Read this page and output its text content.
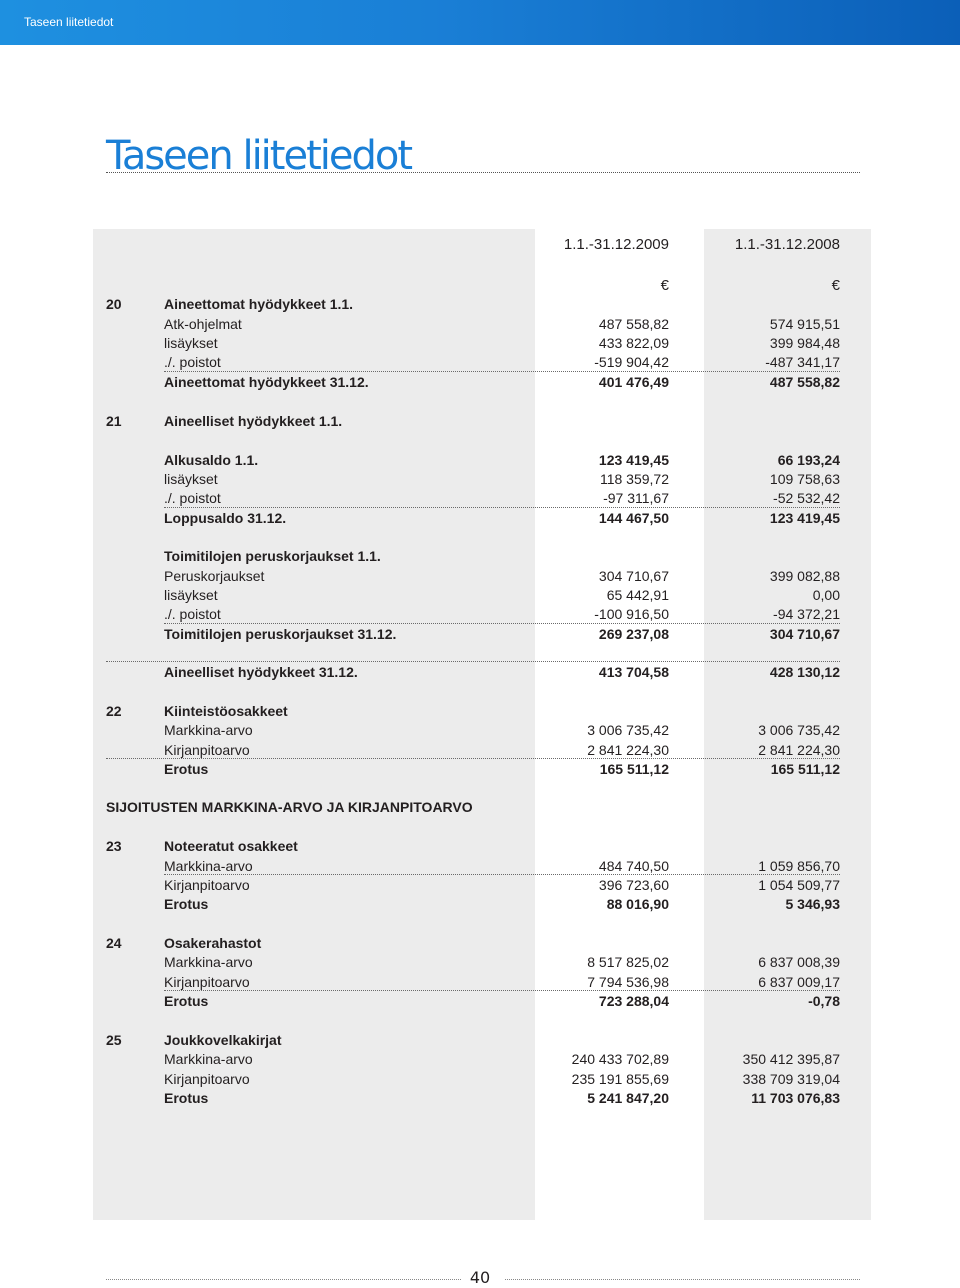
Taseen liitetiedot
Taseen liitetiedot
1.1.-31.12.2009	1.1.-31.12.2008
€	€
20	Aineettomat hyödykkeet 1.1.
Atk-ohjelmat	487 558,82	574 915,51
lisäykset	433 822,09	399 984,48
./. poistot	-519 904,42	-487 341,17
Aineettomat hyödykkeet 31.12.	401 476,49	487 558,82
21	Aineelliset hyödykkeet 1.1.
Alkusaldo 1.1.	123 419,45	66 193,24
lisäykset	118 359,72	109 758,63
./. poistot	-97 311,67	-52 532,42
Loppusaldo 31.12.	144 467,50	123 419,45
Toimitilojen peruskorjaukset 1.1.
Peruskorjaukset	304 710,67	399 082,88
lisäykset	65 442,91	0,00
./. poistot	-100 916,50	-94 372,21
Toimitilojen peruskorjaukset 31.12.	269 237,08	304 710,67
Aineelliset hyödykkeet 31.12.	413 704,58	428 130,12
22	Kiinteistöosakkeet
Markkina-arvo	3 006 735,42	3 006 735,42
Kirjanpitoarvo	2 841 224,30	2 841 224,30
Erotus	165 511,12	165 511,12
SIJOITUSTEN MARKKINA-ARVO JA KIRJANPITOARVO
23	Noteeratut osakkeet
Markkina-arvo	484 740,50	1 059 856,70
Kirjanpitoarvo	396 723,60	1 054 509,77
Erotus	88 016,90	5 346,93
24	Osakerahastot
Markkina-arvo	8 517 825,02	6 837 008,39
Kirjanpitoarvo	7 794 536,98	6 837 009,17
Erotus	723 288,04	-0,78
25	Joukkovelkakirjat
Markkina-arvo	240 433 702,89	350 412 395,87
Kirjanpitoarvo	235 191 855,69	338 709 319,04
Erotus	5 241 847,20	11 703 076,83
40
